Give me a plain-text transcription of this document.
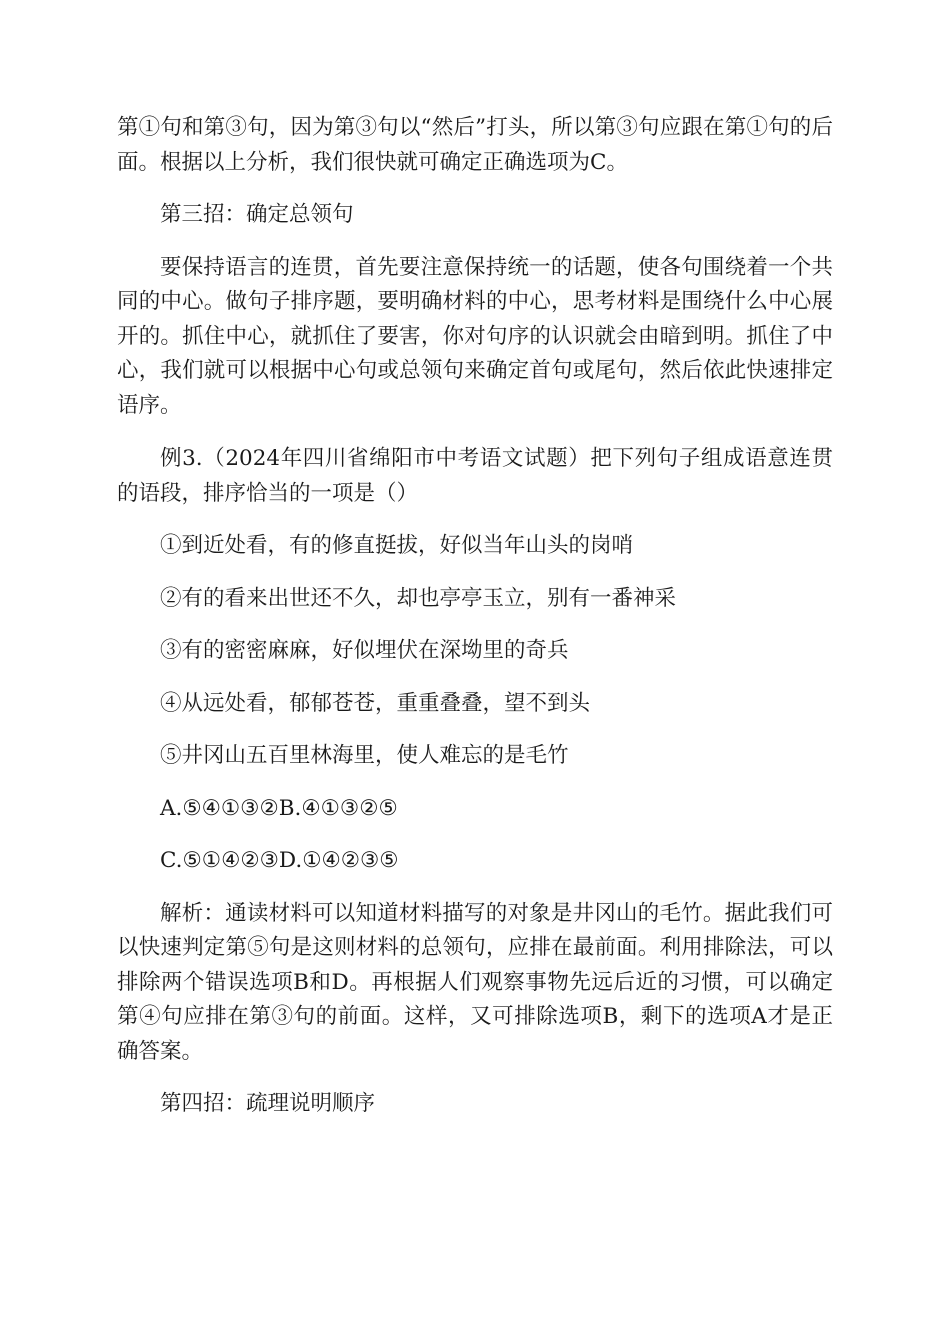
第①句和第③句，因为第③句以“然后”打头，所以第③句应跟在第①句的后面。根据以上分析，我们很快就可确定正确选项为C。

第三招：确定总领句

要保持语言的连贯，首先要注意保持统一的话题，使各句围绕着一个共同的中心。做句子排序题，要明确材料的中心，思考材料是围绕什么中心展开的。抓住中心，就抓住了要害，你对句序的认识就会由暗到明。抓住了中心，我们就可以根据中心句或总领句来确定首句或尾句，然后依此快速排定语序。

例3.（2024年四川省绵阳市中考语文试题）把下列句子组成语意连贯的语段，排序恰当的一项是（）

①到近处看，有的修直挺拔，好似当年山头的岗哨

②有的看来出世还不久，却也亭亭玉立，别有一番神采

③有的密密麻麻，好似埋伏在深坳里的奇兵

④从远处看，郁郁苍苍，重重叠叠，望不到头

⑤井冈山五百里林海里，使人难忘的是毛竹

A.⑤④①③②B.④①③②⑤

C.⑤①④②③D.①④②③⑤

解析：通读材料可以知道材料描写的对象是井冈山的毛竹。据此我们可以快速判定第⑤句是这则材料的总领句，应排在最前面。利用排除法，可以排除两个错误选项B和D。再根据人们观察事物先远后近的习惯，可以确定第④句应排在第③句的前面。这样，又可排除选项B，剩下的选项A才是正确答案。

第四招：疏理说明顺序
